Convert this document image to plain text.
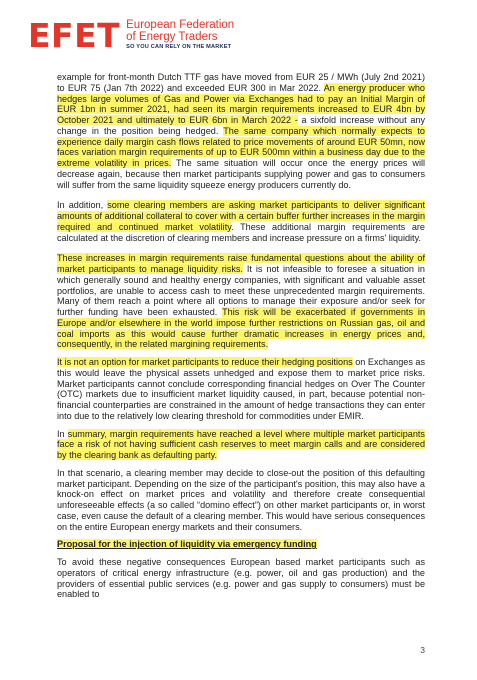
EFET European Federation
of Energy Traders
SO YOU CAN RELY ON THE MARKET

example for front-month Dutch TTF gas have moved from EUR 25 / MWh (July 2nd 2021) to EUR 75 (Jan 7th 2022) and exceeded EUR 300 in Mar 2022. An energy producer who hedges large volumes of Gas and Power via Exchanges had to pay an Initial Margin of EUR 1bn in summer 2021, had seen its margin requirements increased to EUR 4bn by October 2021 and ultimately to EUR 6bn in March 2022 - a sixfold increase without any change in the position being hedged. The same company which normally expects to experience daily margin cash flows related to price movements of around EUR 50mn, now faces variation margin requirements of up to EUR 500mn within a business day due to the extreme volatility in prices. The same situation will occur once the energy prices will decrease again, because then market participants supplying power and gas to consumers will suffer from the same liquidity squeeze energy producers currently do.

In addition, some clearing members are asking market participants to deliver significant amounts of additional collateral to cover with a certain buffer further increases in the margin required and continued market volatility. These additional margin requirements are calculated at the discretion of clearing members and increase pressure on a firms' liquidity.

These increases in margin requirements raise fundamental questions about the ability of market participants to manage liquidity risks. It is not infeasible to foresee a situation in which generally sound and healthy energy companies, with significant and valuable asset portfolios, are unable to access cash to meet these unprecedented margin requirements. Many of them reach a point where all options to manage their exposure and/or seek for further funding have been exhausted. This risk will be exacerbated if governments in Europe and/or elsewhere in the world impose further restrictions on Russian gas, oil and coal imports as this would cause further dramatic increases in energy prices and, consequently, in the related margining requirements.

It is not an option for market participants to reduce their hedging positions on Exchanges as this would leave the physical assets unhedged and expose them to market price risks. Market participants cannot conclude corresponding financial hedges on Over The Counter (OTC) markets due to insufficient market liquidity caused, in part, because potential non-financial counterparties are constrained in the amount of hedge transactions they can enter into due to the relatively low clearing threshold for commodities under EMIR.

In summary, margin requirements have reached a level where multiple market participants face a risk of not having sufficient cash reserves to meet margin calls and are considered by the clearing bank as defaulting party.

In that scenario, a clearing member may decide to close-out the position of this defaulting market participant. Depending on the size of the participant's position, this may also have a knock-on effect on market prices and volatility and therefore create consequential unforeseeable effects (a so called “domino effect”) on other market participants or, in worst case, even cause the default of a clearing member. This would have serious consequences on the entire European energy markets and their consumers.

Proposal for the injection of liquidity via emergency funding

To avoid these negative consequences European based market participants such as operators of critical energy infrastructure (e.g. power, oil and gas production) and the providers of essential public services (e.g. power and gas supply to consumers) must be enabled to

3
